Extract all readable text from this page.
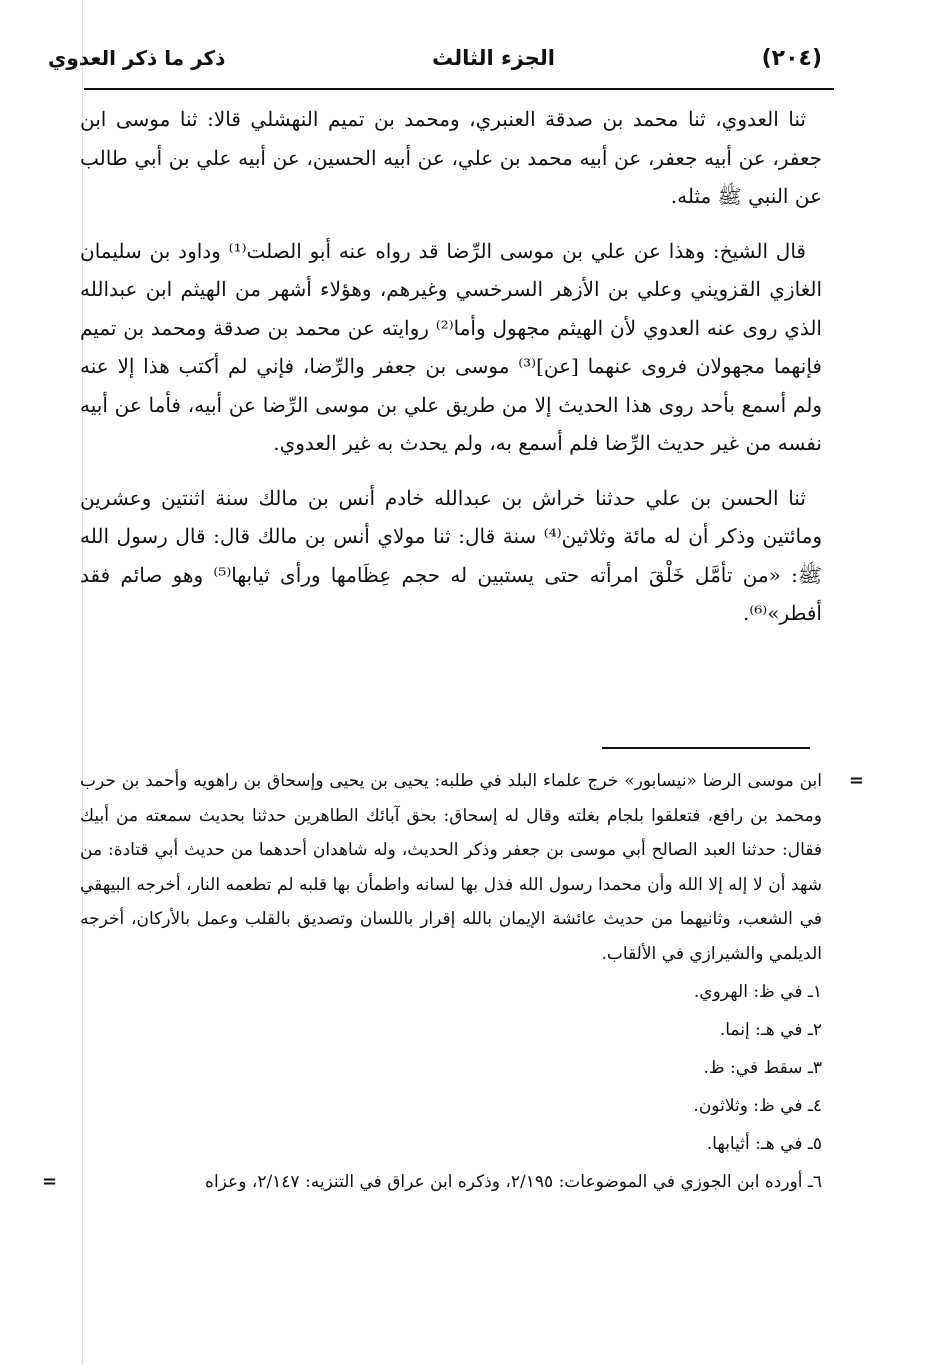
(٢٠٤)
الجزء الثالث
ذكر ما ذكر العدوي

ثنا العدوي، ثنا محمد بن صدقة العنبري، ومحمد بن تميم النهشلي قالا: ثنا موسى ابن جعفر، عن أبيه جعفر، عن أبيه محمد بن علي، عن أبيه الحسين، عن أبيه علي بن أبي طالب عن النبي ﷺ مثله.

قال الشيخ: وهذا عن علي بن موسى الرِّضا قد رواه عنه أبو الصلت⁽¹⁾ وداود بن سليمان الغازي القزويني وعلي بن الأزهر السرخسي وغيرهم، وهؤلاء أشهر من الهيثم ابن عبدالله الذي روى عنه العدوي لأن الهيثم مجهول وأما⁽²⁾ روايته عن محمد بن صدقة ومحمد بن تميم فإنهما مجهولان فروى عنهما [عن]⁽³⁾ موسى بن جعفر والرِّضا، فإني لم أكتب هذا إلا عنه ولم أسمع بأحد روى هذا الحديث إلا من طريق علي بن موسى الرِّضا عن أبيه، فأما عن أبيه نفسه من غير حديث الرِّضا فلم أسمع به، ولم يحدث به غير العدوي.

ثنا الحسن بن علي حدثنا خراش بن عبدالله خادم أنس بن مالك سنة اثنتين وعشرين ومائتين وذكر أن له مائة وثلاثين⁽⁴⁾ سنة قال: ثنا مولاي أنس بن مالك قال: قال رسول الله ﷺ: «من تأمَّل خَلْقَ امرأته حتى يستبين له حجم عِظَامها ورأى ثيابها⁽⁵⁾ وهو صائم فقد أفطر»⁽⁶⁾.

=

ابن موسى الرضا «نيسابور» خرج علماء البلد في طلبه: يحيى بن يحيى وإسحاق بن راهويه وأحمد بن حرب ومحمد بن رافع، فتعلقوا بلجام بغلته وقال له إسحاق: بحق آبائك الطاهرين حدثنا بحديث سمعته من أبيك فقال: حدثنا العبد الصالح أبي موسى بن جعفر وذكر الحديث، وله شاهدان أحدهما من حديث أبي قتادة: من شهد أن لا إله إلا الله وأن محمدا رسول الله فذل بها لسانه واطمأن بها قلبه لم تطعمه النار، أخرجه البيهقي في الشعب، وثانيهما من حديث عائشة الإيمان بالله إقرار باللسان وتصديق بالقلب وعمل بالأركان، أخرجه الديلمي والشيرازي في الألقاب.

١ـ في ظ: الهروي.

٢ـ في هـ: إنما.

٣ـ سقط في: ظ.

٤ـ في ظ: وثلاثون.

٥ـ في هـ: أثيابها.

٦ـ أورده ابن الجوزي في الموضوعات: ٢/١٩٥، وذكره ابن عراق في التنزيه: ٢/١٤٧، وعزاه
=
